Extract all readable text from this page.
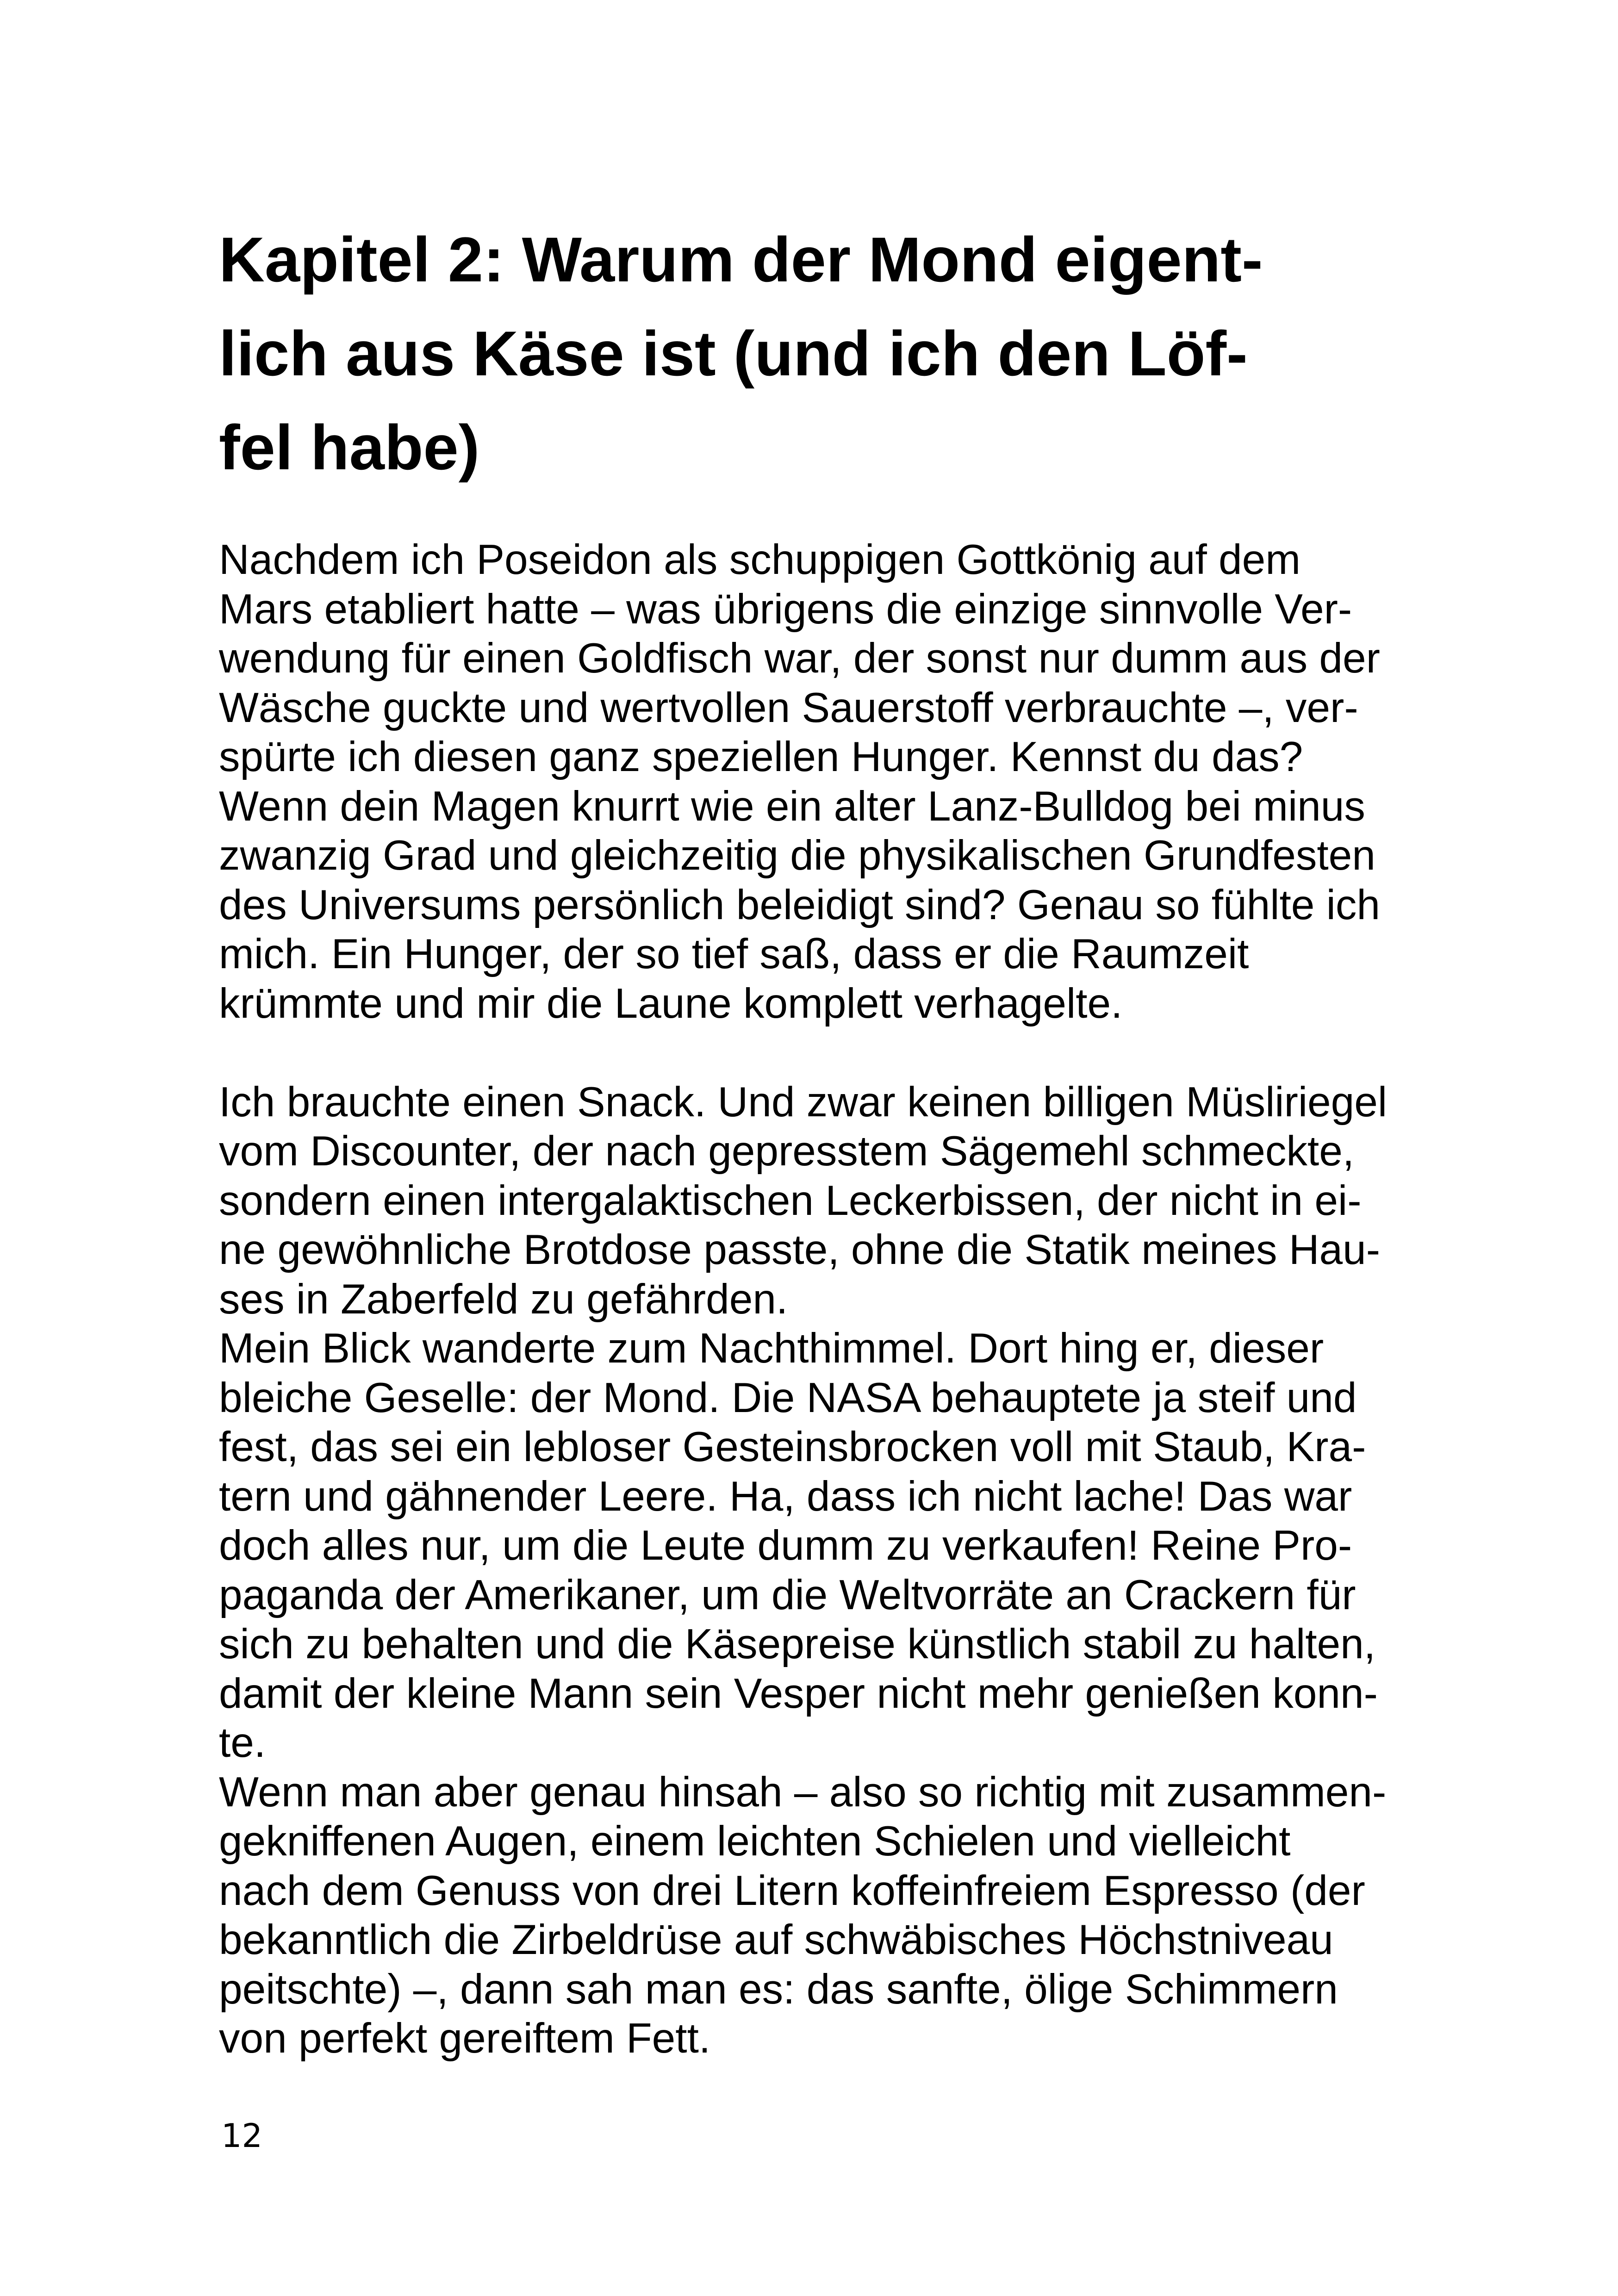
Kapitel 2: Warum der Mond eigent-
lich aus Käse ist (und ich den Löf-
fel habe)

Nachdem ich Poseidon als schuppigen Gottkönig auf dem
Mars etabliert hatte – was übrigens die einzige sinnvolle Ver-
wendung für einen Goldfisch war, der sonst nur dumm aus der
Wäsche guckte und wertvollen Sauerstoff verbrauchte –, ver-
spürte ich diesen ganz speziellen Hunger. Kennst du das?
Wenn dein Magen knurrt wie ein alter Lanz-Bulldog bei minus
zwanzig Grad und gleichzeitig die physikalischen Grundfesten
des Universums persönlich beleidigt sind? Genau so fühlte ich
mich. Ein Hunger, der so tief saß, dass er die Raumzeit
krümmte und mir die Laune komplett verhagelte.

Ich brauchte einen Snack. Und zwar keinen billigen Müsliriegel
vom Discounter, der nach gepresstem Sägemehl schmeckte,
sondern einen intergalaktischen Leckerbissen, der nicht in ei-
ne gewöhnliche Brotdose passte, ohne die Statik meines Hau-
ses in Zaberfeld zu gefährden.

Mein Blick wanderte zum Nachthimmel. Dort hing er, dieser
bleiche Geselle: der Mond. Die NASA behauptete ja steif und
fest, das sei ein lebloser Gesteinsbrocken voll mit Staub, Kra-
tern und gähnender Leere. Ha, dass ich nicht lache! Das war
doch alles nur, um die Leute dumm zu verkaufen! Reine Pro-
paganda der Amerikaner, um die Weltvorräte an Crackern für
sich zu behalten und die Käsepreise künstlich stabil zu halten,
damit der kleine Mann sein Vesper nicht mehr genießen konn-
te.

Wenn man aber genau hinsah – also so richtig mit zusammen-
gekniffenen Augen, einem leichten Schielen und vielleicht
nach dem Genuss von drei Litern koffeinfreiem Espresso (der
bekanntlich die Zirbeldrüse auf schwäbisches Höchstniveau
peitschte) –, dann sah man es: das sanfte, ölige Schimmern
von perfekt gereiftem Fett.

12
